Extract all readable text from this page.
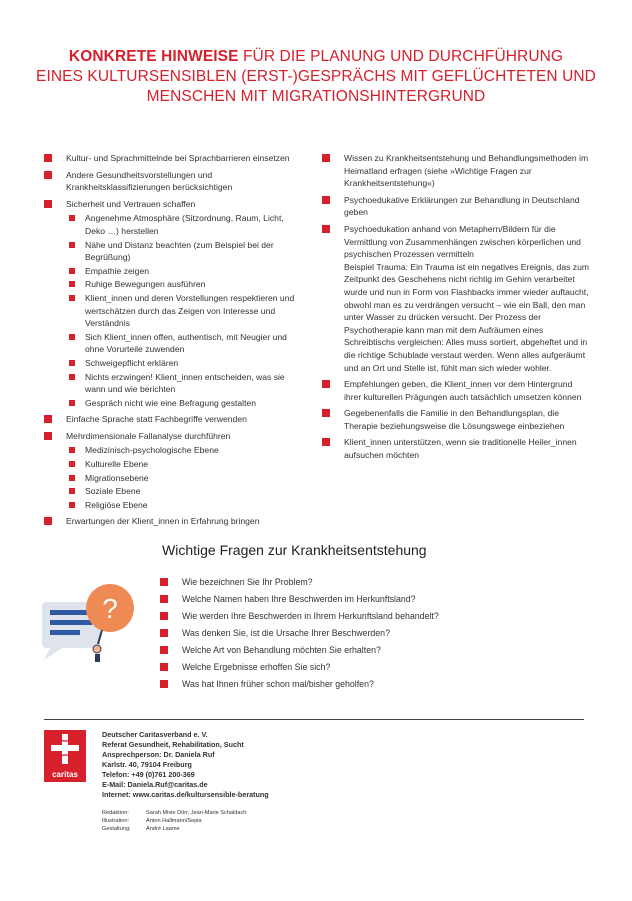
KONKRETE HINWEISE FÜR DIE PLANUNG UND DURCHFÜHRUNG
EINES KULTURSENSIBLEN (ERST-)GESPRÄCHS MIT GEFLÜCHTETEN UND
MENSCHEN MIT MIGRATIONSHINTERGRUND
Kultur- und Sprachmittelnde bei Sprachbarrieren einsetzen
Andere Gesundheitsvorstellungen und Krankheitsklassifizierungen berücksichtigen
Sicherheit und Vertrauen schaffen
Angenehme Atmosphäre (Sitzordnung, Raum, Licht, Deko …) herstellen
Nähe und Distanz beachten (zum Beispiel bei der Begrüßung)
Empathie zeigen
Ruhige Bewegungen ausführen
Klient_innen und deren Vorstellungen respektieren und wertschätzen durch das Zeigen von Interesse und Verständnis
Sich Klient_innen offen, authentisch, mit Neugier und ohne Vorurteile zuwenden
Schweigepflicht erklären
Nichts erzwingen! Klient_innen entscheiden, was sie wann und wie berichten
Gespräch nicht wie eine Befragung gestalten
Einfache Sprache statt Fachbegriffe verwenden
Mehrdimensionale Fallanalyse durchführen
Medizinisch-psychologische Ebene
Kulturelle Ebene
Migrationsebene
Soziale Ebene
Religiöse Ebene
Erwartungen der Klient_innen in Erfahrung bringen
Wissen zu Krankheitsentstehung und Behandlungsmethoden im Heimatland erfragen (siehe »Wichtige Fragen zur Krankheitsentstehung«)
Psychoedukative Erklärungen zur Behandlung in Deutschland geben
Psychoedukation anhand von Metaphern/Bildern für die Vermittlung von Zusammenhängen zwischen körperlichen und psychischen Prozessen vermitteln
Beispiel Trauma: Ein Trauma ist ein negatives Ereignis, das zum Zeitpunkt des Geschehens nicht richtig im Gehirn verarbeitet wurde und nun in Form von Flashbacks immer wieder auftaucht, obwohl man es zu verdrängen versucht – wie ein Ball, den man unter Wasser zu drücken versucht. Der Prozess der Psychotherapie kann man mit dem Aufräumen eines Schreibtischs vergleichen: Alles muss sortiert, abgeheftet und in die richtige Schublade verstaut werden. Wenn alles aufgeräumt und an Ort und Stelle ist, fühlt man sich wieder wohler.
Empfehlungen geben, die Klient_innen vor dem Hintergrund ihrer kulturellen Prägungen auch tatsächlich umsetzen können
Gegebenenfalls die Familie in den Behandlungsplan, die Therapie beziehungsweise die Lösungswege einbeziehen
Klient_innen unterstützen, wenn sie traditionelle Heiler_innen aufsuchen möchten
Wichtige Fragen zur Krankheitsentstehung
?
Wie bezeichnen Sie Ihr Problem?
Welche Namen haben Ihre Beschwerden im Herkunftsland?
Wie werden Ihre Beschwerden in Ihrem Herkunftsland behandelt?
Was denken Sie, ist die Ursache Ihrer Beschwerden?
Welche Art von Behandlung möchten Sie erhalten?
Welche Ergebnisse erhoffen Sie sich?
Was hat Ihnen früher schon mal/bisher geholfen?
caritas
Deutscher Caritasverband e. V.
Referat Gesundheit, Rehabilitation, Sucht
Ansprechperson: Dr. Daniela Ruf
Karlstr. 40, 79104 Freiburg
Telefon: +49 (0)761 200-369
E-Mail: Daniela.Ruf@caritas.de
Internet: www.caritas.de/kultursensible-beratung
Redaktion:	Sarah Mixie Dörr, Jean-Marie Schaldach
Illustration:	Anton Hallmann/Sepia
Gestaltung:	André Laame
